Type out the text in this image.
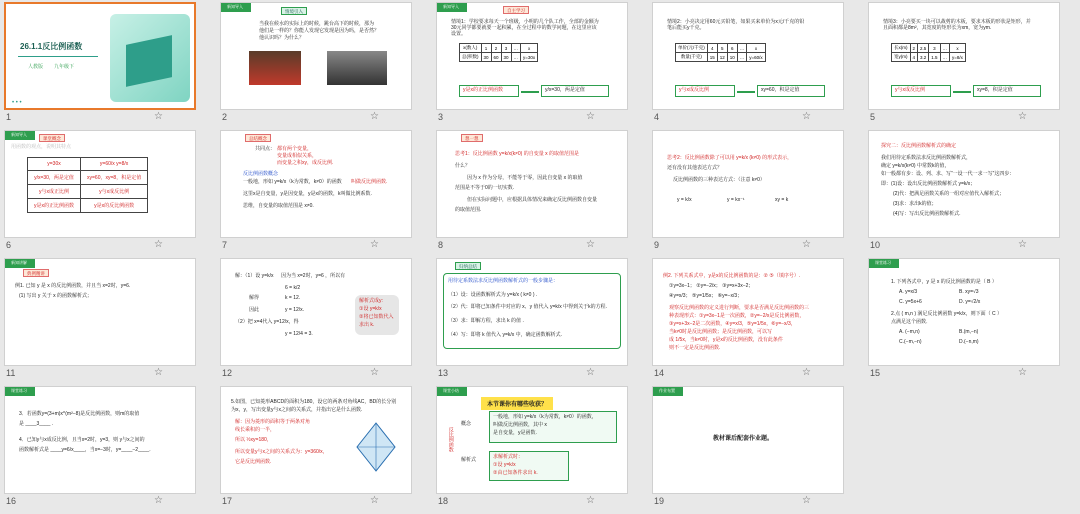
26.1.1反比例函数
人教版 九年级下
• • •
1	☆
新知导入
情境引入
当我在候水的实际上的时候，跳台高下的时候，那为
他们是一样的？你能人发现它发现是因为吗，是否然？
他认识吗？为什么？
2	☆
新知导入
自主学习
情境1：学校要求每天一个班级，小明的几个队工作，全部的金额为
30元同学都要就要一起积累，在全过程中的数学问题，在这里应该
设置。
x(数人)	1	2	3	…	x
总(积数)	30	60	30	…	y=30x
y是x的正比例函数	y/x=30，两是定值
3	☆
情境2：小亮决定用60元买铅笔，如果买来单价为x元/千克的铅
笔后能买y千克。
单价(元/千克)	4	5	6	…	x
数量(千克)	15	12	10	…	y=60/x
y与x成反比例	xy=60，积是定值
4	☆
情境3：小亮要买一块可以裁剪的木板，要求木板的形状是矩形，并
且面积都是8m²，其宽度的矩形长为xm，宽为ym.
长x(m)	2	2.5	3	…	x
宽y(m)	4	3.2	1.5	…	y=8/x
y与x成反比例	xy=8，积是定值
5	☆
新知导入
课堂概念
用函数的观点，说明其特点
y=30x	y=60/x y=8/x
y/x=30，两是定值	xy=60，xy=8，积是定值
y与x成正比例	y与x成反比例
y是x的正比例函数	y是x的反比例函数
6	☆
总结概念
共同点： 都有两个变量，
变量成相似关系，
而变量之积xy，成反比例.
反比例函数概念
一般地，形如 y=k/x（k为常数，k≠0）的函数 叫做反比例函数.
这里x是自变量，y是因变量，y是x的函数，k叫做比例系数.
思维，自变量的取值范围是 x≠0.
7	☆
想一想
思考1：反比例函数 y=k/x(k≠0) 的自变量 x 的取值范围是
什么？
因为 x 作为分母，不能等于零，因此自变量 x 的取值
范围是不等于0的一切实数.
但在实际问题中，应根据具体情况来确定反比例函数自变量
的取值范围.
8	☆
思考2：反比例函数除了可以用 y=k/x (k≠0) 的形式表示，
还有没有其他表达方式？
反比例函数的三种表达方式：（注意 k≠0）
y = k/x	y = kx⁻¹	xy = k
9	☆
探究二：反比例函数解析式的确定
我们用待定系数法求反比例函数解析式，
确定 y=k/x(k≠0) 中常数k的值，
如一般都有步：设、列、求、写“一设一代一求一写”这四步：
即：(1)设：设出反比例函数解析式 y=k/x；
(2)代：把满足函数关系的一组对应值代入解析式；
(3)求：求出k的值；
(4)写：写出反比例函数解析式.
10	☆
新知讲解
典例精讲
例1. 已知 y 是 x 的反比例函数，并且当 x=2时，y=6.
(1) 写出 y 关于 x 的函数解析式；
11	☆
解：（1）设 y=k/x 因为当 x=2时，y=6 ，所以有
6 = k/2
解得	k = 12.
因此	y = 12/x.
（2）把 x=4代入 y=12/x，得
y = 12/4 = 3.
解析式成y:
①设 y=k/x
②将已知数代入
求出 k.
12	☆
归纳总结
用待定系数法求反比例函数解析式的一般步骤是：
（1）设：设函数解析式为 y=k/x ( k≠0 ) .
（2）代：即将已知条件中对应的 x、y 值代入 y=k/x 中得到关于k的方程.
（3）求：即解方程，求出 k 的值 .
（4）写：即将 k 值代入 y=k/x 中，确定函数解析式.
13	☆
例2. 下列关系式中，y是x的反比例函数的是：② ⑤（填序号）.
①y=3x−1； ②y=−2/x； ③y=x+3x−2；
④y=x/3； ⑤y=1/5x； ⑥y=−x/3；
观察反比例函数的定义进行判断，要求是否满足反比例函数的三
种表现形式：①y=3x−1是一次函数，②y=−2/x是反比例函数，
③y=x+3x−2是二次函数，④y=x/3，⑤y=1/5x，⑥y=−x/3，
当k≠0时是反比例函数；是反比例函数，可以写
成 1/5x，当k≠0时，y是x的反比例函数，没有此条件
则不一定是反比例函数.
14	☆
课堂练习
1. 下列各式中，y 是 x 的反比例函数的是（ B ）
A. y=x/3	B. xy=√3
C. y=5x+6	D. y=√2/x
2.点 ( m,n ) 满足反比例函数 y=k/x，则下面（ C ）
点满足这个函数．
A. (−m,n)	B.(m,−n)
C.(−m,−n)	D.(−n,m)
15	☆
课堂练习
3．若函数y=(3+m)x^(m²−8)是反比例函数，则m的取值
是 ____3____ .
4．已知y与x成反比例，且当x=2时，y=3，则 y与x之间的
函数解析式是 ____y=6/x____，当x=−3时，y=____−2____.
16	☆
5.如图，已知菱形ABCD的面积为180，设它的两条对角线AC，BD的长分别
为x，y，写出变量y与x之间的关系式，并指出它是什么函数.
解：因为菱形的面积等于两条对角
线长乘积的一半，
所以 ½xy=180，
所以变量y与x之间的关系式为：y=360/x，
它是反比例函数.
17	☆
课堂小结
本节课你有哪些收获？
反比例函数
概念
解析式
一般地，形如 y=k/x（k为常数，k≠0）的函数，
叫做反比例函数，其中 x
是自变量，y是函数.
求解析式时：
①设 y=k/x
②由已知条件求出 k.
18	☆
作业布置
教材课后配套作业题。
19	☆
